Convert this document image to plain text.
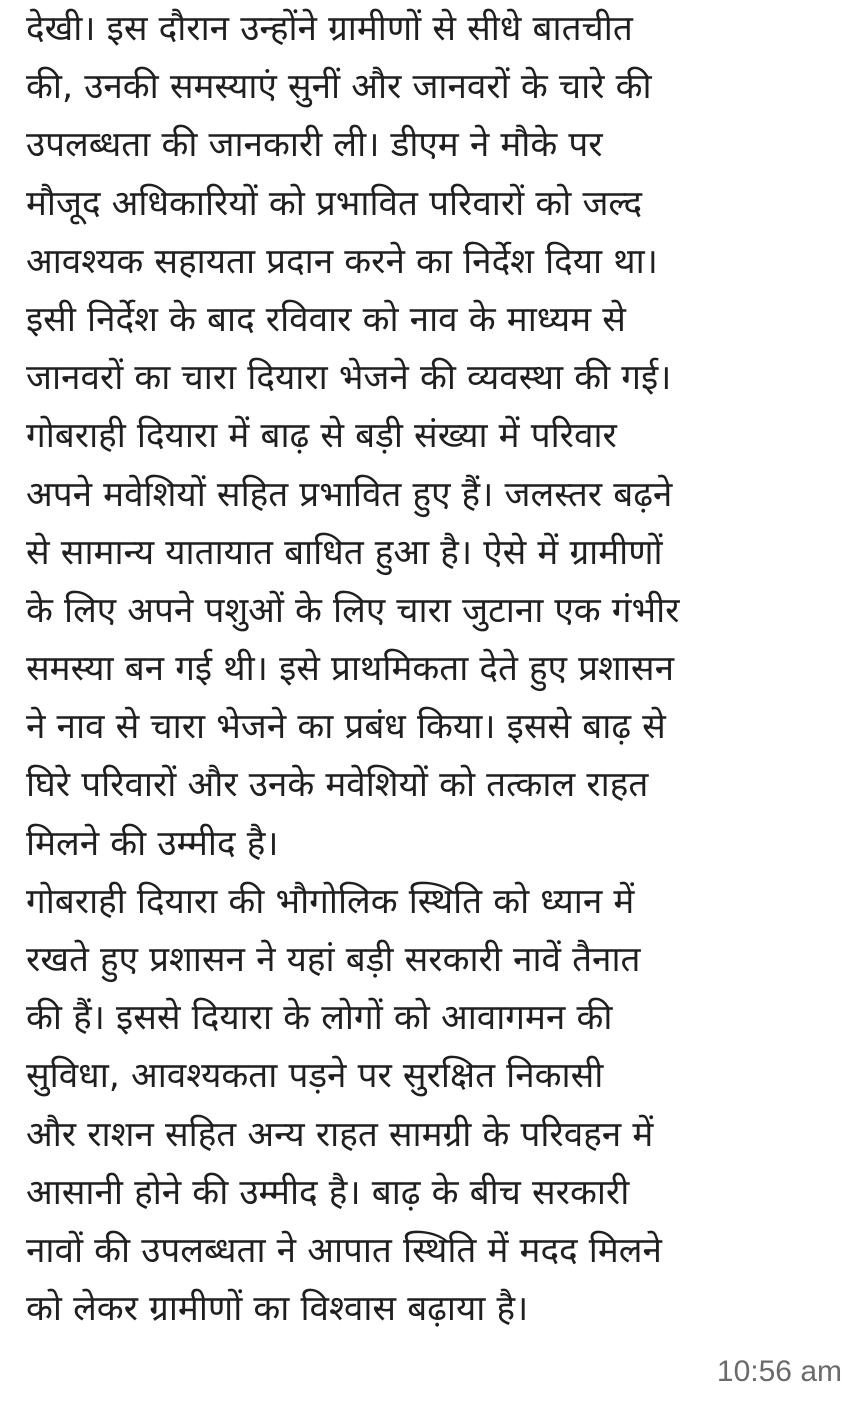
देखी। इस दौरान उन्होंने ग्रामीणों से सीधे बातचीत
की, उनकी समस्याएं सुनीं और जानवरों के चारे की
उपलब्धता की जानकारी ली। डीएम ने मौके पर
मौजूद अधिकारियों को प्रभावित परिवारों को जल्द
आवश्यक सहायता प्रदान करने का निर्देश दिया था।
इसी निर्देश के बाद रविवार को नाव के माध्यम से
जानवरों का चारा दियारा भेजने की व्यवस्था की गई।
गोबराही दियारा में बाढ़ से बड़ी संख्या में परिवार
अपने मवेशियों सहित प्रभावित हुए हैं। जलस्तर बढ़ने
से सामान्य यातायात बाधित हुआ है। ऐसे में ग्रामीणों
के लिए अपने पशुओं के लिए चारा जुटाना एक गंभीर
समस्या बन गई थी। इसे प्राथमिकता देते हुए प्रशासन
ने नाव से चारा भेजने का प्रबंध किया। इससे बाढ़ से
घिरे परिवारों और उनके मवेशियों को तत्काल राहत
मिलने की उम्मीद है।
गोबराही दियारा की भौगोलिक स्थिति को ध्यान में
रखते हुए प्रशासन ने यहां बड़ी सरकारी नावें तैनात
की हैं। इससे दियारा के लोगों को आवागमन की
सुविधा, आवश्यकता पड़ने पर सुरक्षित निकासी
और राशन सहित अन्य राहत सामग्री के परिवहन में
आसानी होने की उम्मीद है। बाढ़ के बीच सरकारी
नावों की उपलब्धता ने आपात स्थिति में मदद मिलने
को लेकर ग्रामीणों का विश्वास बढ़ाया है।
10:56 am
